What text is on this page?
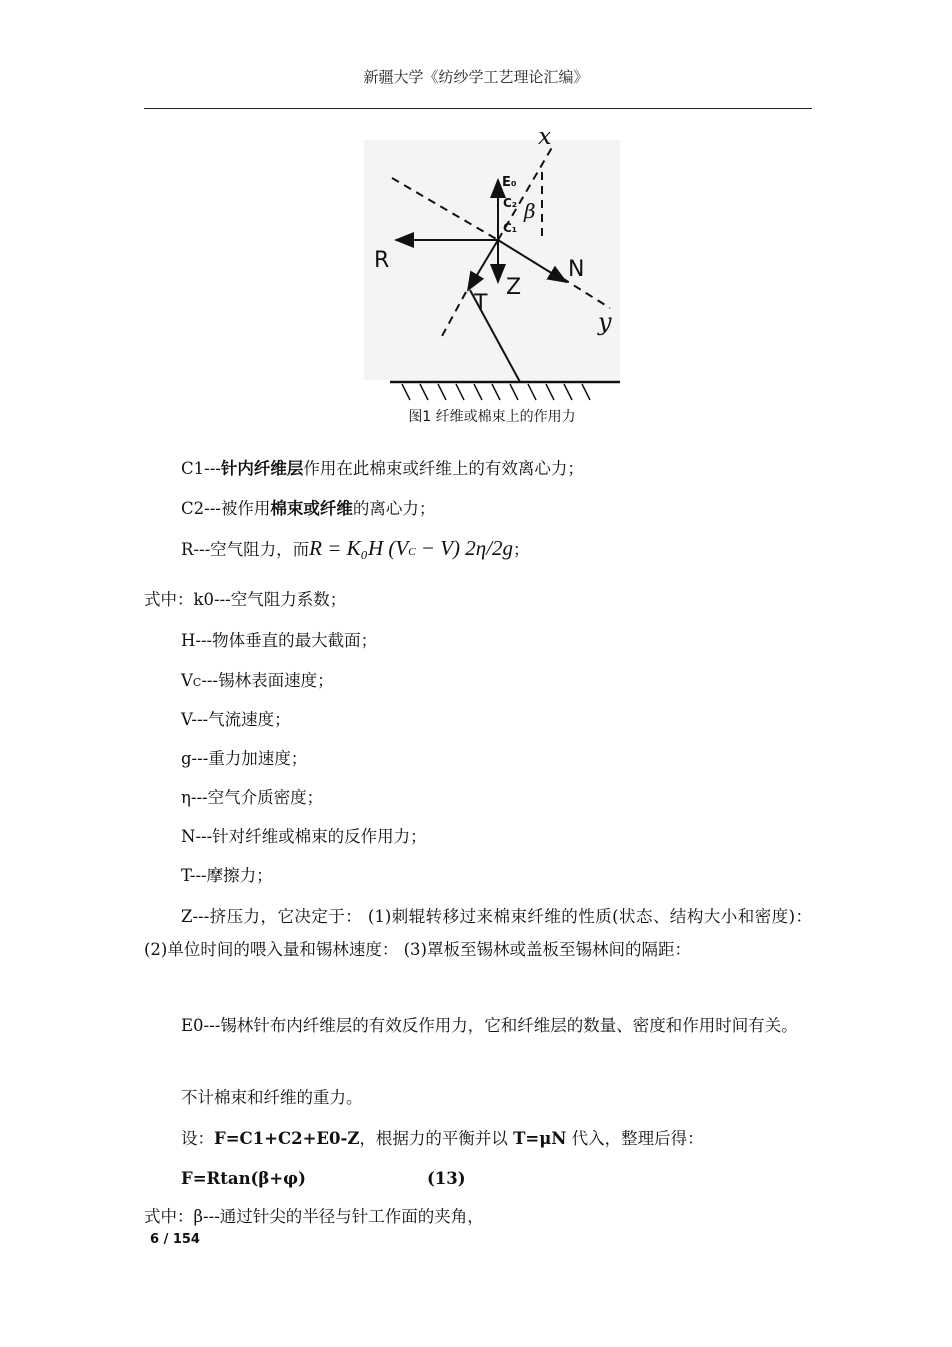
新疆大学《纺纱学工艺理论汇编》
x
y
E₀
C₂
C₁
β
R	N
Z
T
图1 纤维或棉束上的作用力
C1---针内纤维层作用在此棉束或纤维上的有效离心力；
C2---被作用棉束或纤维的离心力；
R---空气阻力，而R = K₀H (VC − V) 2η/2g；
式中：k0---空气阻力系数；
H---物体垂直的最大截面；
VC---锡林表面速度；
V---气流速度；
g---重力加速度；
η---空气介质密度；
N---针对纤维或棉束的反作用力；
T---摩擦力；
Z---挤压力，它决定于： (1)刺辊转移过来棉束纤维的性质(状态、结构大小和密度)： (2)单位时间的喂入量和锡林速度： (3)罩板至锡林或盖板至锡林间的隔距：
E0---锡林针布内纤维层的有效反作用力，它和纤维层的数量、密度和作用时间有关。
不计棉束和纤维的重力。
设：F=C1+C2+E0-Z，根据力的平衡并以 T=μN 代入，整理后得：
F=Rtan(β+φ)	(13)
式中：β---通过针尖的半径与针工作面的夹角，
6 / 154
